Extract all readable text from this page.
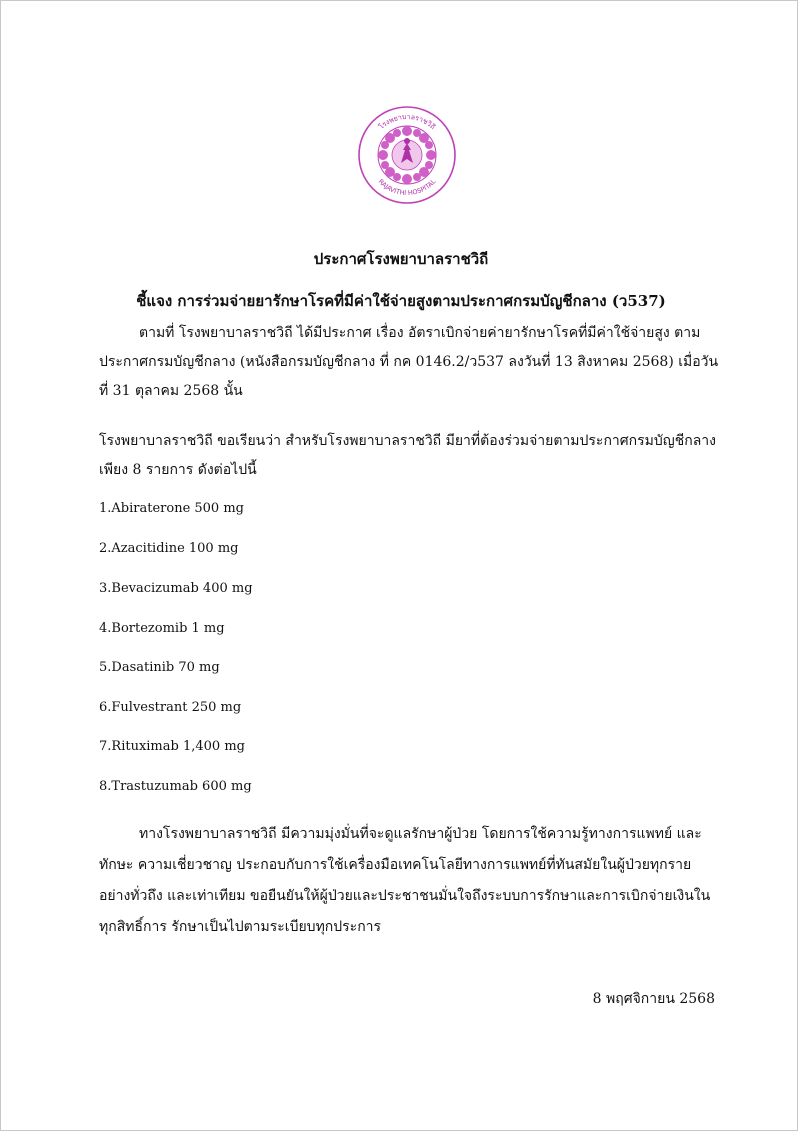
โรงพยาบาลราชวิถี
RAJAVITHI HOSPITAL
ประกาศโรงพยาบาลราชวิถี
ชี้แจง การร่วมจ่ายยารักษาโรคที่มีค่าใช้จ่ายสูงตามประกาศกรมบัญชีกลาง (ว537)
ตามที่ โรงพยาบาลราชวิถี ได้มีประกาศ เรื่อง อัตราเบิกจ่ายค่ายารักษาโรคที่มีค่าใช้จ่ายสูง ตามประกาศกรมบัญชีกลาง (หนังสือกรมบัญชีกลาง ที่ กค 0146.2/ว537 ลงวันที่ 13 สิงหาคม 2568) เมื่อวันที่ 31 ตุลาคม 2568 นั้น
โรงพยาบาลราชวิถี ขอเรียนว่า สำหรับโรงพยาบาลราชวิถี มียาที่ต้องร่วมจ่ายตามประกาศกรมบัญชีกลาง เพียง 8 รายการ ดังต่อไปนี้
1.Abiraterone 500 mg
2.Azacitidine 100 mg
3.Bevacizumab 400 mg
4.Bortezomib 1 mg
5.Dasatinib 70 mg
6.Fulvestrant 250 mg
7.Rituximab 1,400 mg
8.Trastuzumab 600 mg
ทางโรงพยาบาลราชวิถี มีความมุ่งมั่นที่จะดูแลรักษาผู้ป่วย โดยการใช้ความรู้ทางการแพทย์ และทักษะ ความเชี่ยวชาญ ประกอบกับการใช้เครื่องมือเทคโนโลยีทางการแพทย์ที่ทันสมัยในผู้ป่วยทุกราย อย่างทั่วถึง และเท่าเทียม ขอยืนยันให้ผู้ป่วยและประชาชนมั่นใจถึงระบบการรักษาและการเบิกจ่ายเงินในทุกสิทธิ์การ รักษาเป็นไปตามระเบียบทุกประการ
8 พฤศจิกายน 2568
